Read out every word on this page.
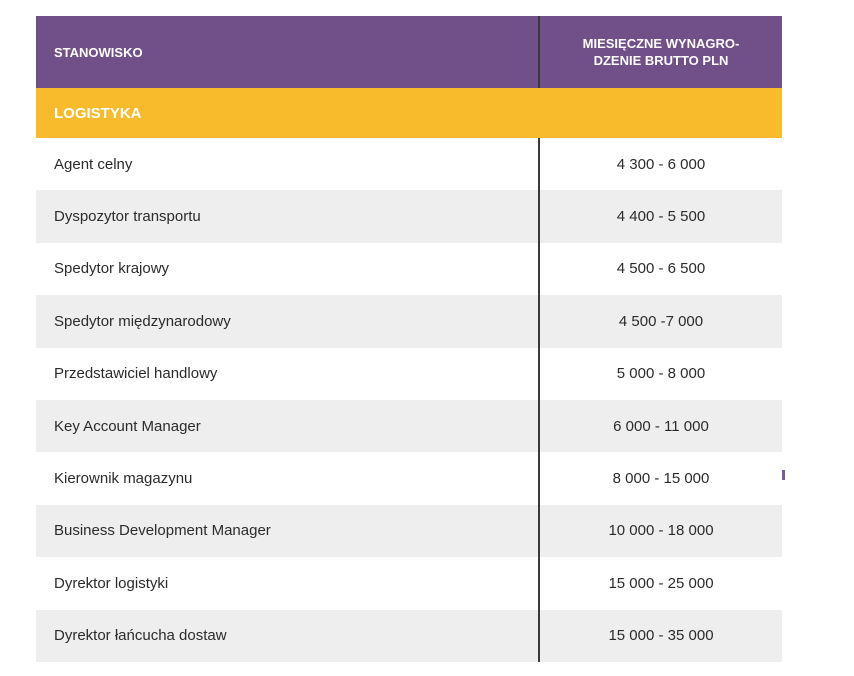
STANOWISKO
MIESIĘCZNE WYNAGRO-DZENIE BRUTTO PLN
LOGISTYKA
Agent celny	4 300 - 6 000
Dyspozytor transportu	4 400 - 5 500
Spedytor krajowy	4 500 - 6 500
Spedytor międzynarodowy	4 500 -7 000
Przedstawiciel handlowy	5 000 - 8 000
Key Account Manager	6 000 - 11 000
Kierownik magazynu	8 000 - 15 000
Business Development Manager	10 000 - 18 000
Dyrektor logistyki	15 000 - 25 000
Dyrektor łańcucha dostaw	15 000 - 35 000
